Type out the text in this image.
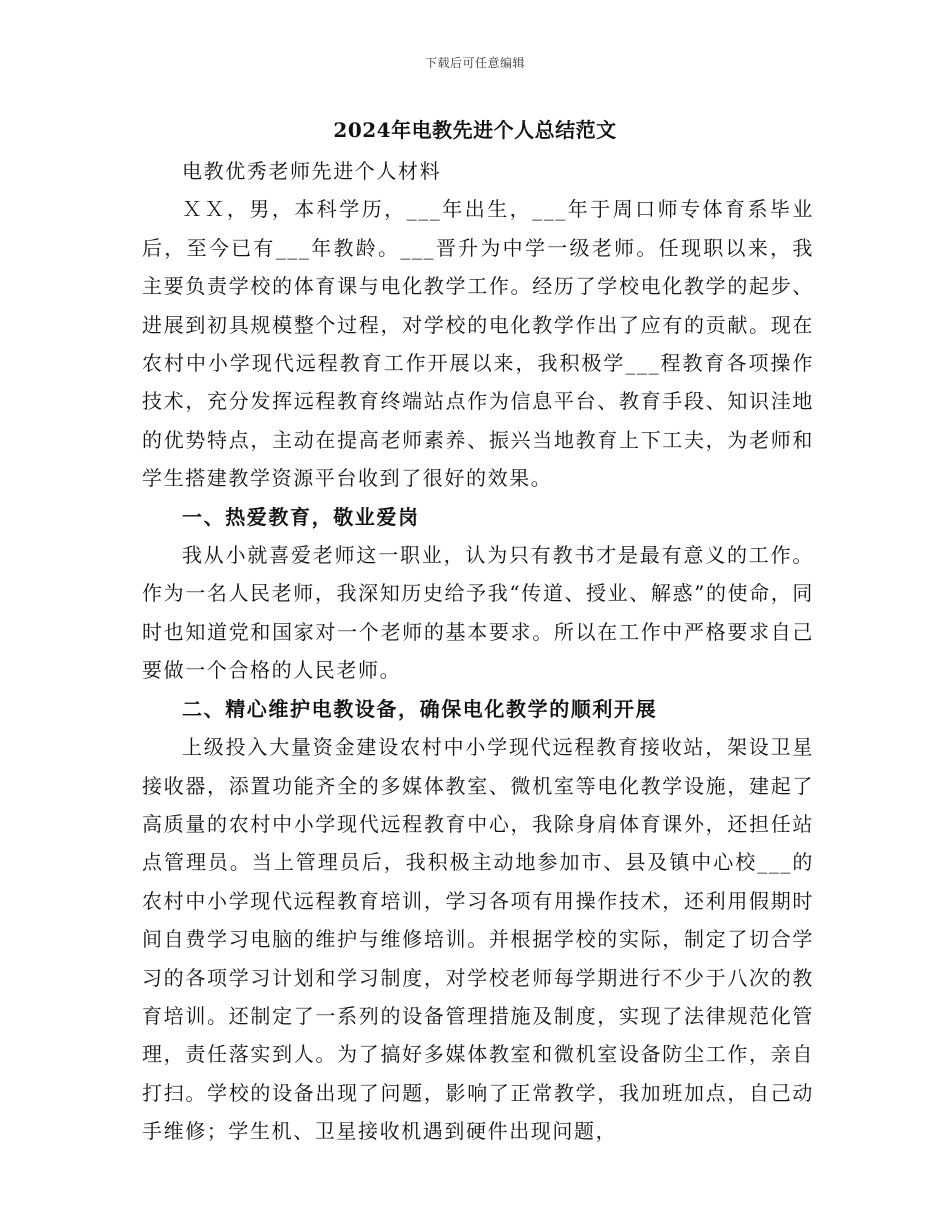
下载后可任意编辑
2024年电教先进个人总结范文

电教优秀老师先进个人材料

ＸＸ，男，本科学历，___年出生，___年于周口师专体育系毕业后，至今已有___年教龄。___晋升为中学一级老师。任现职以来，我主要负责学校的体育课与电化教学工作。经历了学校电化教学的起步、进展到初具规模整个过程，对学校的电化教学作出了应有的贡献。现在农村中小学现代远程教育工作开展以来，我积极学___程教育各项操作技术，充分发挥远程教育终端站点作为信息平台、教育手段、知识洼地的优势特点，主动在提高老师素养、振兴当地教育上下工夫，为老师和学生搭建教学资源平台收到了很好的效果。

一、热爱教育，敬业爱岗

我从小就喜爱老师这一职业，认为只有教书才是最有意义的工作。作为一名人民老师，我深知历史给予我“传道、授业、解惑”的使命，同时也知道党和国家对一个老师的基本要求。所以在工作中严格要求自己要做一个合格的人民老师。

二、精心维护电教设备，确保电化教学的顺利开展

上级投入大量资金建设农村中小学现代远程教育接收站，架设卫星接收器，添置功能齐全的多媒体教室、微机室等电化教学设施，建起了高质量的农村中小学现代远程教育中心，我除身肩体育课外，还担任站点管理员。当上管理员后，我积极主动地参加市、县及镇中心校___的农村中小学现代远程教育培训，学习各项有用操作技术，还利用假期时间自费学习电脑的维护与维修培训。并根据学校的实际，制定了切合学习的各项学习计划和学习制度，对学校老师每学期进行不少于八次的教育培训。还制定了一系列的设备管理措施及制度，实现了法律规范化管理，责任落实到人。为了搞好多媒体教室和微机室设备防尘工作，亲自打扫。学校的设备出现了问题，影响了正常教学，我加班加点，自己动手维修；学生机、卫星接收机遇到硬件出现问题，
